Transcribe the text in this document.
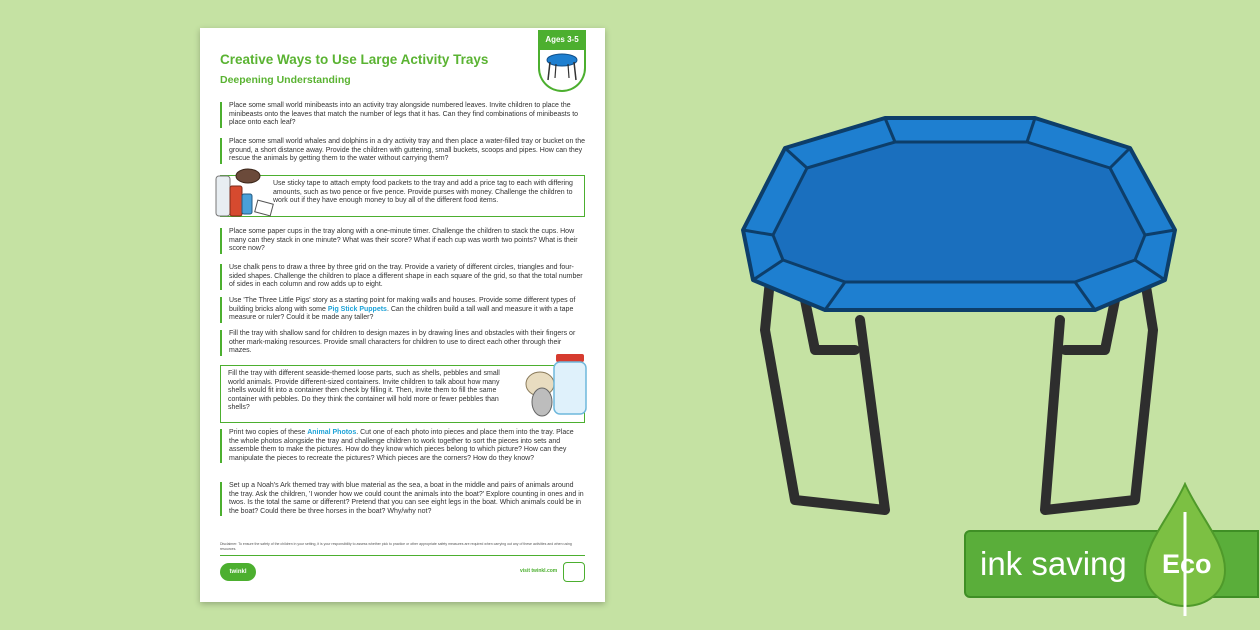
Creative Ways to Use Large Activity Trays
Deepening Understanding
Ages 3-5
Place some small world minibeasts into an activity tray alongside numbered leaves. Invite children to place the minibeasts onto the leaves that match the number of legs that it has. Can they find combinations of minibeasts to place onto each leaf?
Place some small world whales and dolphins in a dry activity tray and then place a water-filled tray or bucket on the ground, a short distance away. Provide the children with guttering, small buckets, scoops and pipes. How can they rescue the animals by getting them to the water without carrying them?
Use sticky tape to attach empty food packets to the tray and add a price tag to each with differing amounts, such as two pence or five pence. Provide purses with money. Challenge the children to work out if they have enough money to buy all of the different food items.
Place some paper cups in the tray along with a one-minute timer. Challenge the children to stack the cups. How many can they stack in one minute? What was their score? What if each cup was worth two points? What is their score now?
Use chalk pens to draw a three by three grid on the tray. Provide a variety of different circles, triangles and four-sided shapes. Challenge the children to place a different shape in each square of the grid, so that the total number of sides in each column and row adds up to eight.
Use 'The Three Little Pigs' story as a starting point for making walls and houses. Provide some different types of building bricks along with some Pig Stick Puppets. Can the children build a tall wall and measure it with a tape measure or ruler? Could it be made any taller?
Fill the tray with shallow sand for children to design mazes in by drawing lines and obstacles with their fingers or other mark-making resources. Provide small characters for children to use to direct each other through their mazes.
Fill the tray with different seaside-themed loose parts, such as shells, pebbles and small world animals. Provide different-sized containers. Invite children to talk about how many shells would fit into a container then check by filling it. Then, invite them to fill the same container with pebbles. Do they think the container will hold more or fewer pebbles than shells?
Print two copies of these Animal Photos. Cut one of each photo into pieces and place them into the tray. Place the whole photos alongside the tray and challenge children to work together to sort the pieces into sets and assemble them to make the pictures. How do they know which pieces belong to which picture? How can they manipulate the pieces to recreate the pictures? Which pieces are the corners? How do they know?
Set up a Noah's Ark themed tray with blue material as the sea, a boat in the middle and pairs of animals around the tray. Ask the children, 'I wonder how we could count the animals into the boat?' Explore counting in ones and in twos. Is the total the same or different? Pretend that you can see eight legs in the boat. Which animals could be in the boat? Could there be three horses in the boat? Why/why not?
Disclaimer: To ensure the safety of the children in your setting, it is your responsibility to assess whether pick to practice or other appropriate safety measures are required when carrying out any of these activities and when using resources.
twinkl foundations
visit twinkl.com	ink saving Eco
